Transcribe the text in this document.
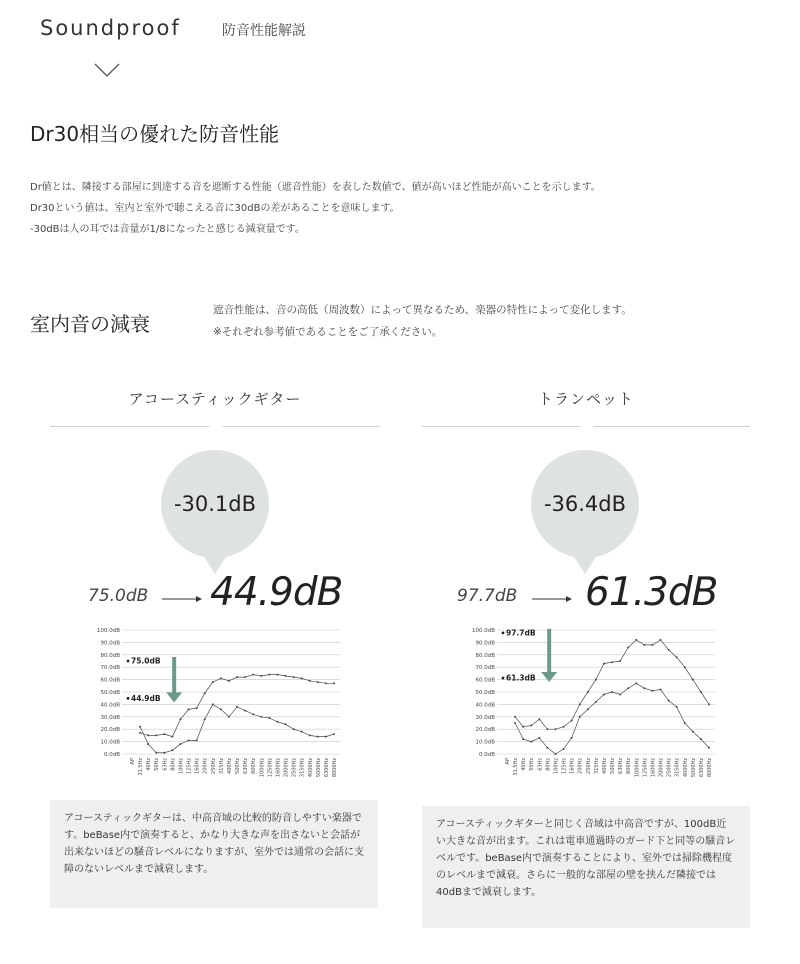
Soundproof	防音性能解説
Dr30相当の優れた防音性能
Dr値とは、隣接する部屋に到達する音を遮断する性能（遮音性能）を表した数値で、値が高いほど性能が高いことを示します。
Dr30という値は、室内と室外で聴こえる音に30dBの差があることを意味します。
-30dBは人の耳では音量が1/8になったと感じる減衰量です。
室内音の減衰
遮音性能は、音の高低（周波数）によって異なるため、楽器の特性によって変化します。
※それぞれ参考値であることをご了承ください。
アコースティックギター	トランペット
-30.1dB	-36.4dB
75.0dB 44.9dB	97.7dB 61.3dB
100.0dB
90.0dB
80.0dB
70.0dB
60.0dB
50.0dB
40.0dB
30.0dB
20.0dB
10.0dB
0.0dB
AP 31.5Hz 40Hz 50Hz 63Hz 80Hz 100Hz 125Hz 160Hz 200Hz 250Hz 315Hz 400Hz 500Hz 630Hz 800Hz 1000Hz 1250Hz 1600Hz 2000Hz 2500Hz 3150Hz 4000Hz 5000Hz 6300Hz 8000Hz
75.0dB
44.9dB
100.0dB
90.0dB
80.0dB
70.0dB
60.0dB
50.0dB
40.0dB
30.0dB
20.0dB
10.0dB
0.0dB
AP 31.5Hz 40Hz 50Hz 63Hz 80Hz 100Hz 125Hz 160Hz 200Hz 250Hz 315Hz 400Hz 500Hz 630Hz 800Hz 1000Hz 1250Hz 1600Hz 2000Hz 2500Hz 3150Hz 4000Hz 5000Hz 6300Hz 8000Hz
97.7dB
61.3dB
アコースティックギターは、中高音域の比較的防音しやすい楽器です。beBase内で演奏すると、かなり大きな声を出さないと会話が出来ないほどの騒音レベルになりますが、室外では通常の会話に支障のないレベルまで減衰します。
アコースティックギターと同じく音域は中高音ですが、100dB近い大きな音が出ます。これは電車通過時のガード下と同等の騒音レベルです。beBase内で演奏することにより、室外では掃除機程度のレベルまで減衰。さらに一般的な部屋の壁を挟んだ隣接では40dBまで減衰します。
